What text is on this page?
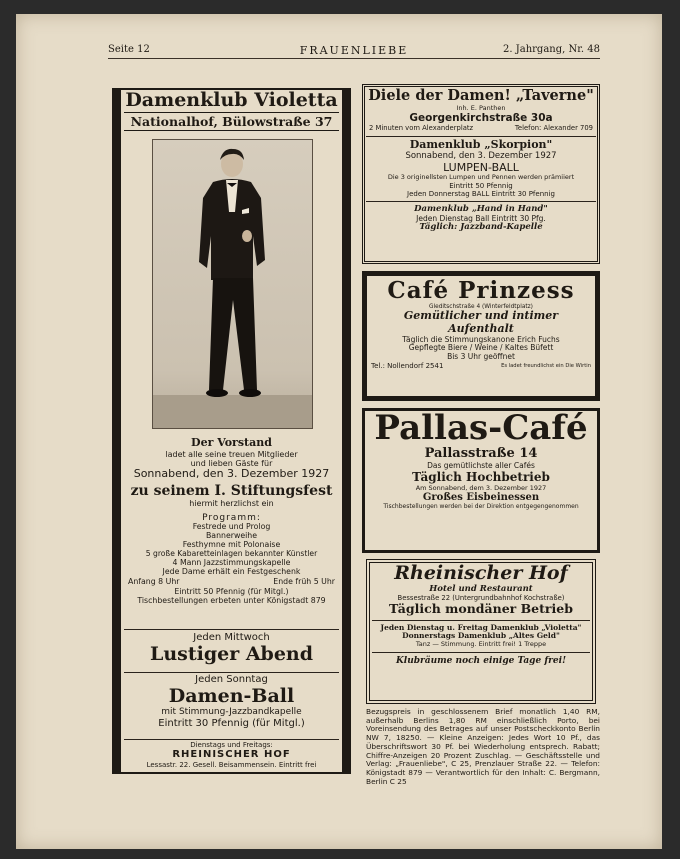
Seite 12	FRAUENLIEBE	2. Jahrgang, Nr. 48
Damenklub Violetta
Nationalhof, Bülowstraße 37
Der Vorstand
ladet alle seine treuen Mitglieder
und lieben Gäste für
Sonnabend, den 3. Dezember 1927
zu seinem I. Stiftungsfest
hiermit herzlichst ein
Programm:
Festrede und Prolog
Bannerweihe
Festhymne mit Polonaise
5 große Kabaretteinlagen bekannter Künstler
4 Mann Jazzstimmungskapelle
Jede Dame erhält ein Festgeschenk
Anfang 8 Uhr	Ende früh 5 Uhr
Eintritt 50 Pfennig (für Mitgl.)
Tischbestellungen erbeten unter Königstadt 879
Jeden Mittwoch
Lustiger Abend
Jeden Sonntag
Damen-Ball
mit Stimmung-Jazzbandkapelle
Eintritt 30 Pfennig (für Mitgl.)
Dienstags und Freitags:
RHEINISCHER HOF
Lessastr. 22. Gesell. Beisammensein. Eintritt frei
Diele der Damen! „Taverne"
Inh. E. Panthen
Georgenkirchstraße 30a
2 Minuten vom Alexanderplatz	Telefon: Alexander 709
Damenklub „Skorpion"
Sonnabend, den 3. Dezember 1927
LUMPEN-BALL
Die 3 originellsten Lumpen und Pennen werden prämiiert
Eintritt 50 Pfennig
Jeden Donnerstag BALL Eintritt 30 Pfennig
Damenklub „Hand in Hand"
Jeden Dienstag Ball Eintritt 30 Pfg.
Täglich: Jazzband-Kapelle
Café Prinzess
Gleditschstraße 4 (Winterfeldtplatz)
Gemütlicher und intimer
Aufenthalt
Täglich die Stimmungskanone Erich Fuchs
Gepflegte Biere / Weine / Kaltes Büfett
Bis 3 Uhr geöffnet
Tel.: Nollendorf 2541	Es ladet freundlichst ein Die Wirtin
Pallas-Café
Pallasstraße 14
Das gemütlichste aller Cafés
Täglich Hochbetrieb
Am Sonnabend, dem 3. Dezember 1927
Großes Eisbeinessen
Tischbestellungen werden bei der Direktion entgegengenommen
Rheinischer Hof
Hotel und Restaurant
Bessestraße 22 (Untergrundbahnhof Kochstraße)
Täglich mondäner Betrieb
Jeden Dienstag u. Freitag Damenklub „Violetta"
Donnerstags Damenklub „Altes Geld"
Tanz — Stimmung. Eintritt frei! 1 Treppe
Klubräume noch einige Tage frei!
Bezugspreis in geschlossenem Brief monatlich 1,40 RM, außerhalb Berlins 1,80 RM einschließlich Porto, bei Voreinsendung des Betrages auf unser Postscheckkonto Berlin NW 7, 18250. — Kleine Anzeigen: Jedes Wort 10 Pf., das Überschriftswort 30 Pf. bei Wiederholung entsprech. Rabatt; Chiffre-Anzeigen 20 Prozent Zuschlag. — Geschäftsstelle und Verlag: „Frauenliebe", C 25, Prenzlauer Straße 22. — Telefon: Königstadt 879 — Verantwortlich für den Inhalt: C. Bergmann, Berlin C 25
